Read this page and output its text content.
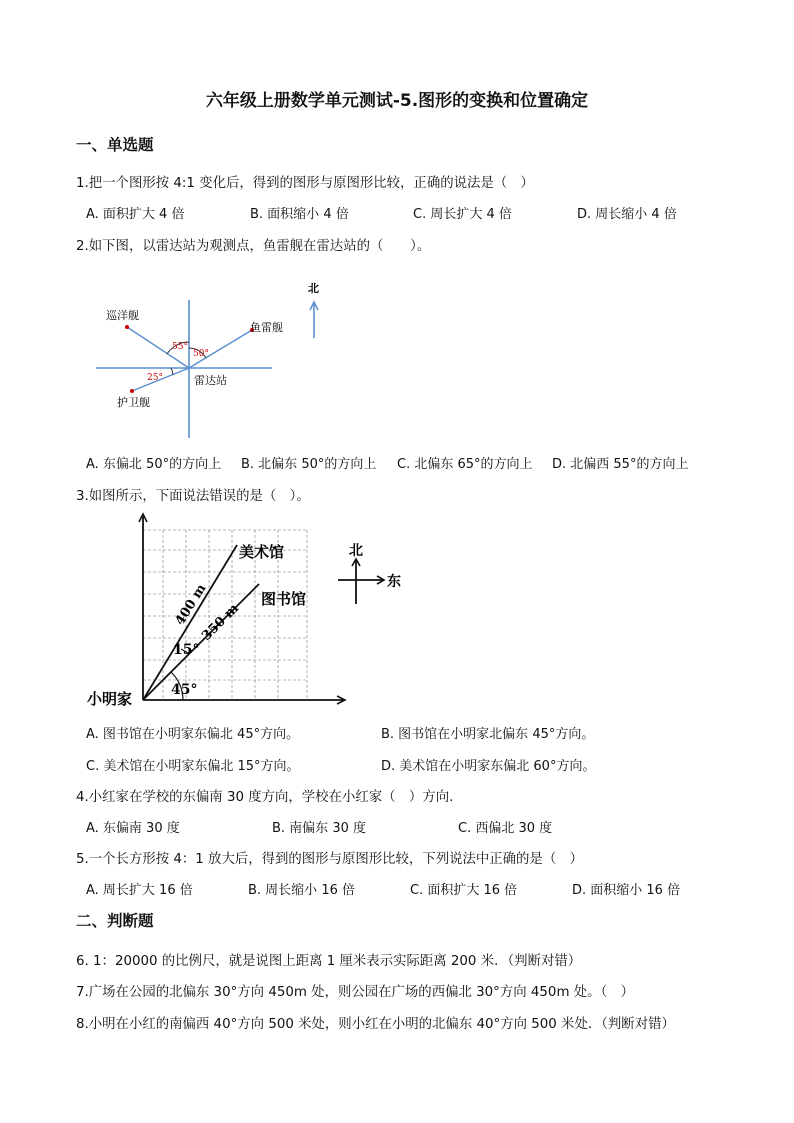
六年级上册数学单元测试-5.图形的变换和位置确定
一、单选题
1.把一个图形按 4:1 变化后，得到的图形与原图形比较，正确的说法是（　）
A. 面积扩大 4 倍	B. 面积缩小 4 倍	C. 周长扩大 4 倍	D. 周长缩小 4 倍
2.如下图，以雷达站为观测点，鱼雷舰在雷达站的（　　）。
巡洋舰
鱼雷舰
雷达站
护卫舰
55°
50°
25°
北
A. 东偏北 50°的方向上 B. 北偏东 50°的方向上 C. 北偏东 65°的方向上 D. 北偏西 55°的方向上
3.如图所示，下面说法错误的是（　）。
美术馆
图书馆
小明家
400 m
350 m
15°
45°
北
东
A. 图书馆在小明家东偏北 45°方向。	B. 图书馆在小明家北偏东 45°方向。
C. 美术馆在小明家东偏北 15°方向。	D. 美术馆在小明家东偏北 60°方向。
4.小红家在学校的东偏南 30 度方向，学校在小红家（　）方向.
A. 东偏南 30 度	B. 南偏东 30 度	C. 西偏北 30 度
5.一个长方形按 4：1 放大后，得到的图形与原图形比较，下列说法中正确的是（　）
A. 周长扩大 16 倍	B. 周长缩小 16 倍	C. 面积扩大 16 倍	D. 面积缩小 16 倍
二、判断题
6. 1：20000 的比例尺，就是说图上距离 1 厘米表示实际距离 200 米．（判断对错）
7.广场在公园的北偏东 30°方向 450m 处，则公园在广场的西偏北 30°方向 450m 处。（　）
8.小明在小红的南偏西 40°方向 500 米处，则小红在小明的北偏东 40°方向 500 米处．（判断对错）
